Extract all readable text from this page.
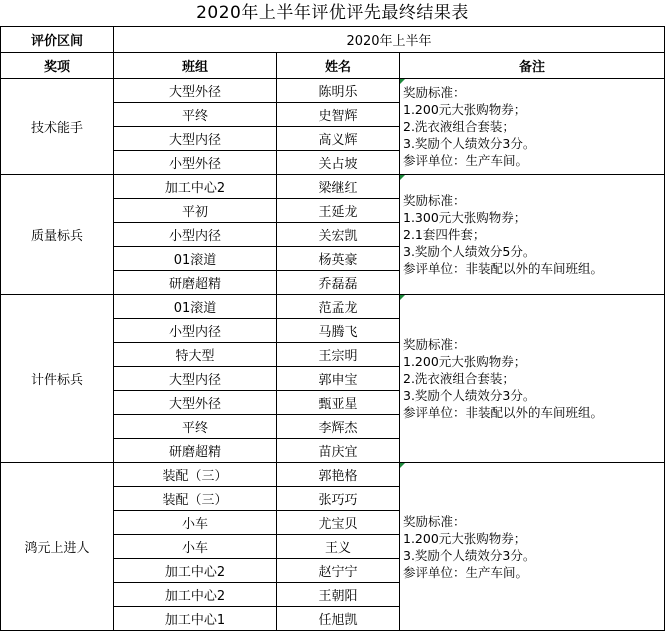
2020年上半年评优评先最终结果表
评价区间	2020年上半年		
奖项	班组	姓名	备注
技术能手	大型外径	陈明乐	奖励标准：
1.200元大张购物券；
2.洗衣液组合套装；
3.奖励个人绩效分3分。
参评单位：生产车间。

	平终	史智辉	
	大型内径	高义辉	
	小型外径	关占坡	
质量标兵	加工中心2	梁继红	奖励标准：
1.300元大张购物券；
2.1套四件套；
3.奖励个人绩效分5分。
参评单位：非装配以外的车间班组。

	平初	王延龙	
	小型内径	关宏凯	
	01滚道	杨英豪	
	研磨超精	乔磊磊	
计件标兵	01滚道	范孟龙	奖励标准：
1.200元大张购物券；
2.洗衣液组合套装；
3.奖励个人绩效分3分。
参评单位：非装配以外的车间班组。

	小型内径	马腾飞	
	特大型	王宗明	
	大型内径	郭申宝	
	大型外径	甄亚星	
	平终	李辉杰	
	研磨超精	苗庆宜	
鸿元上进人	装配（三）	郭艳格	奖励标准：
1.200元大张购物券；
3.奖励个人绩效分3分。
参评单位：生产车间。

	装配（三）	张巧巧	
	小车	尤宝贝	
	小车	王义	
	加工中心2	赵宁宁	
	加工中心2	王朝阳	
	加工中心1	任旭凯	
